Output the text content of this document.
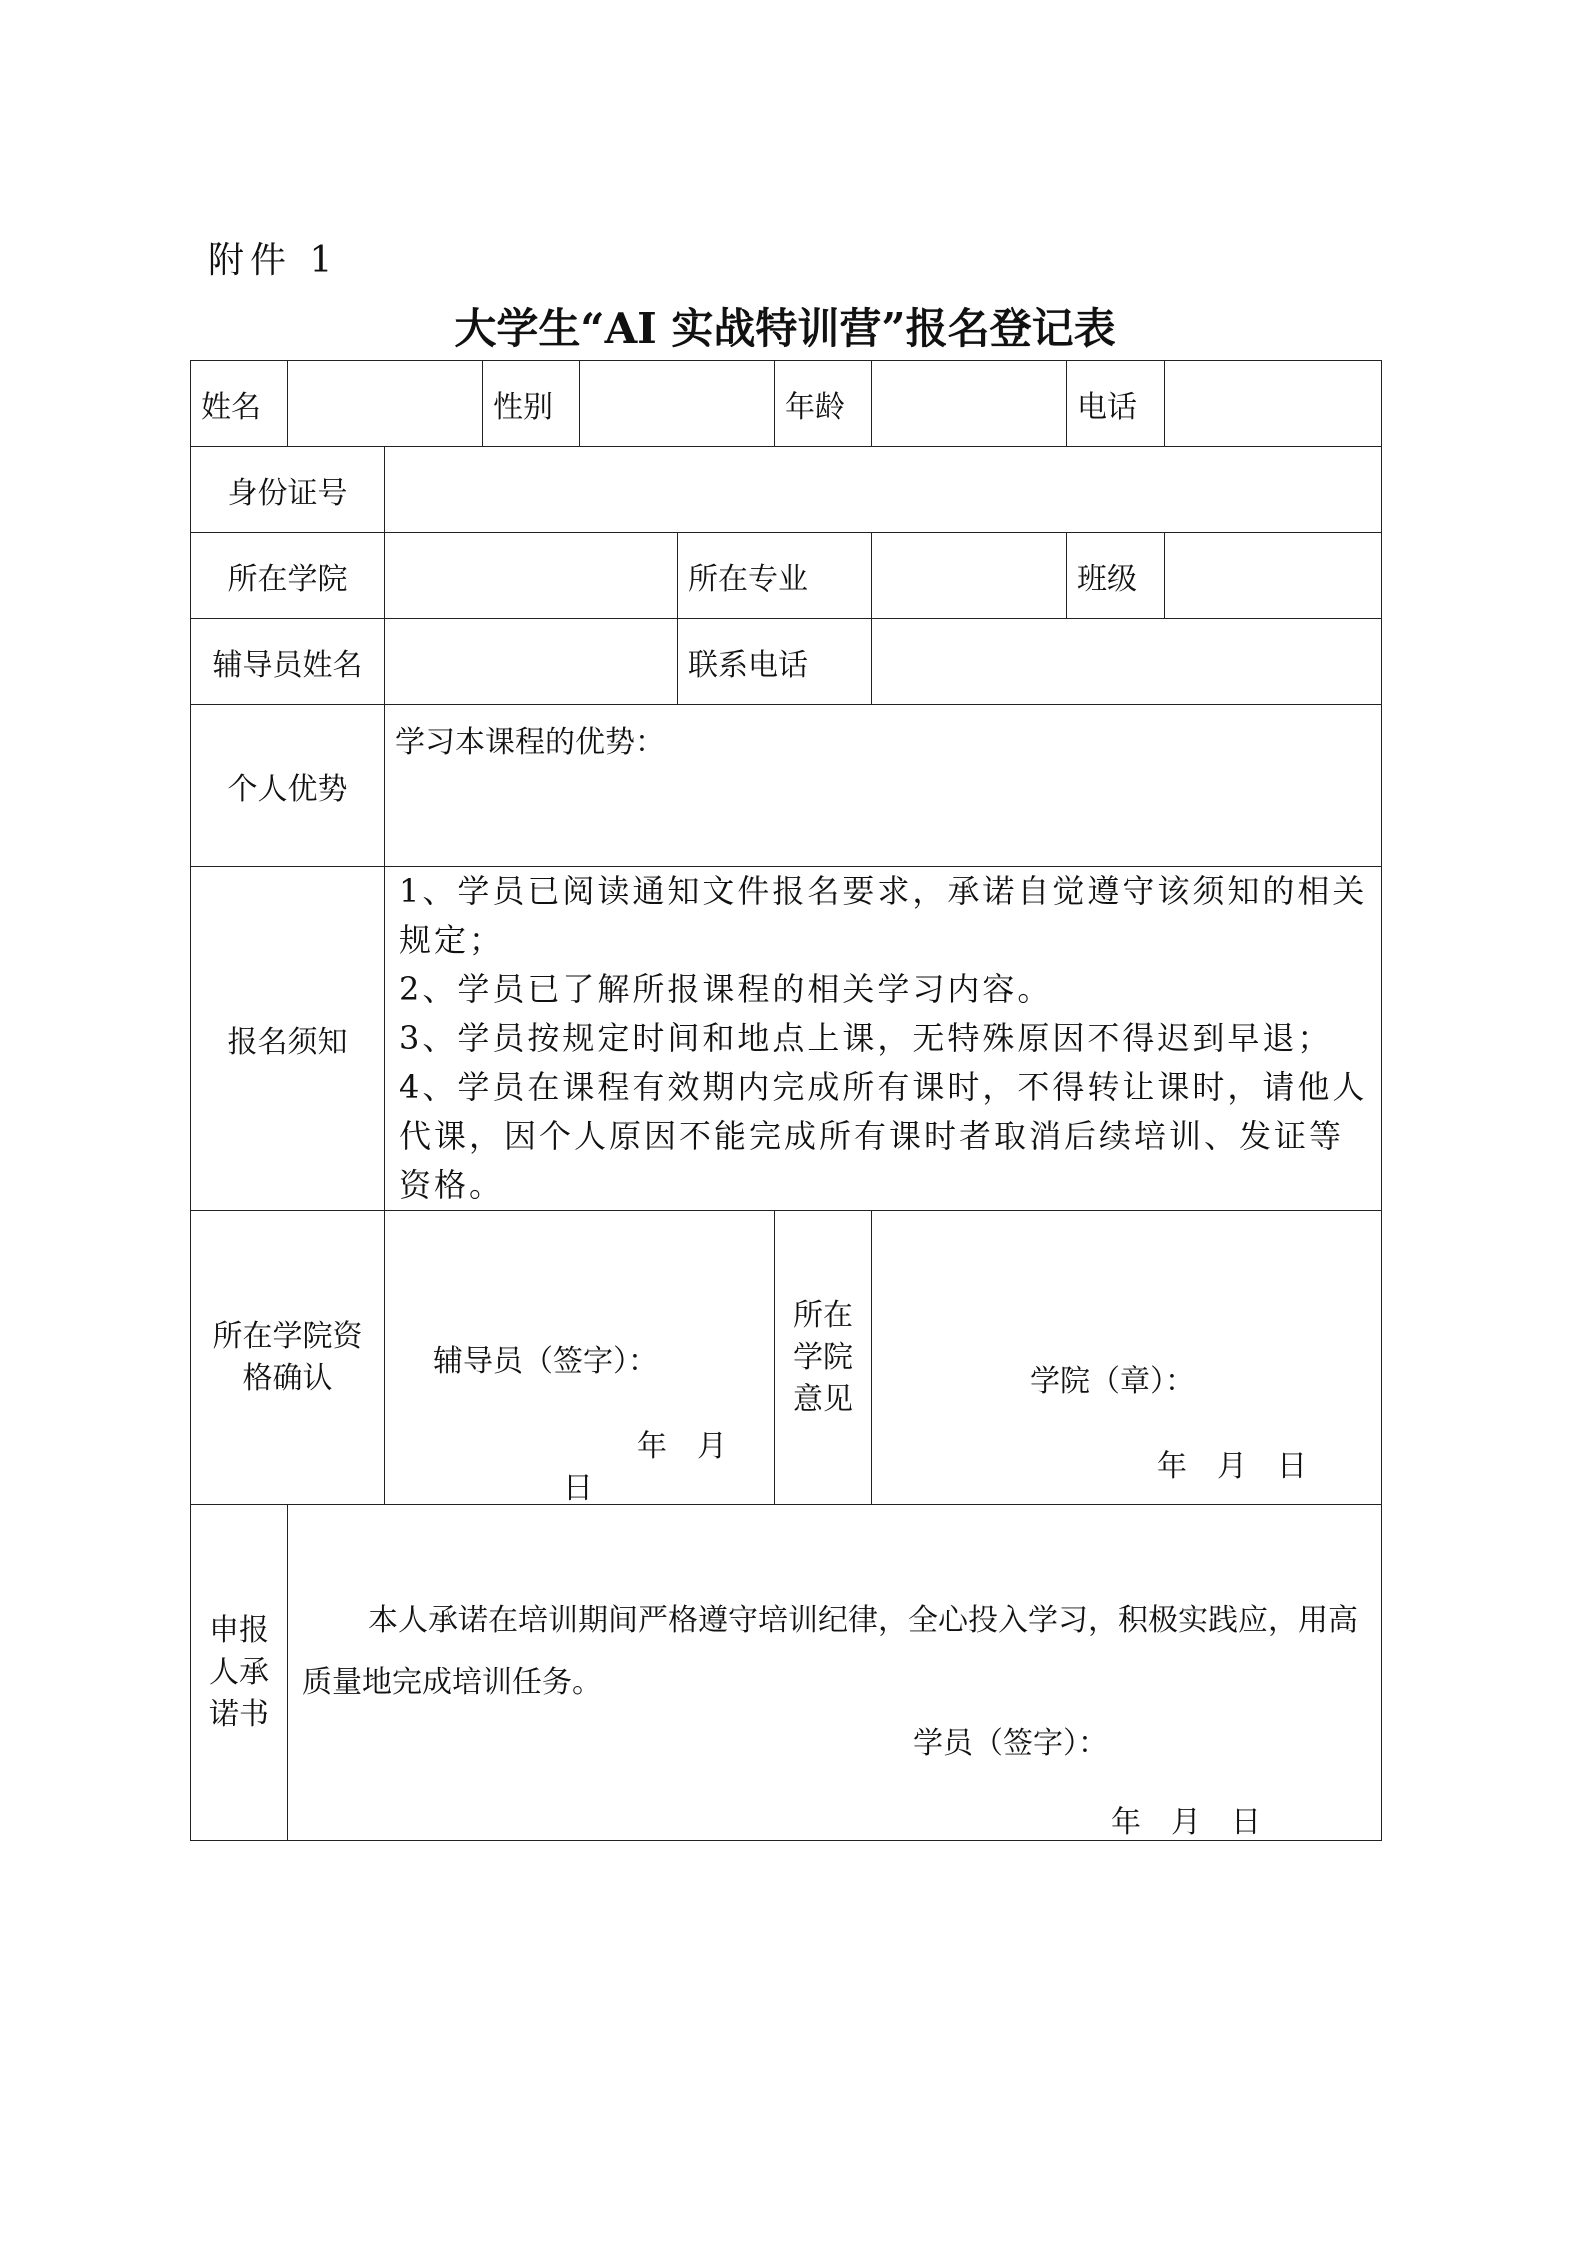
附件 1
大学生“AI 实战特训营”报名登记表
姓名			性别			年龄		电话	
身份证号									
所在学院					所在专业			班级	
辅导员姓名					联系电话				
个人优势		学习本课程的优势：							
报名须知		1、学员已阅读通知文件报名要求，承诺自觉遵守该须知的相关规定；

2、学员已了解所报课程的相关学习内容。

3、学员按规定时间和地点上课，无特殊原因不得迟到早退；

4、学员在课程有效期内完成所有课时，不得转让课时，请他人代课，因个人原因不能完成所有课时者取消后续培训、发证等资格。							

所在学院资格确认		辅导员（签字）：
年　月
日				所在学院意见	学院（章）：
年　月　日		

申报人承诺书	本人承诺在培训期间严格遵守培训纪律，全心投入学习，积极实践应，用高质量地完成培训任务。
学员（签字）：
年　月　日								
